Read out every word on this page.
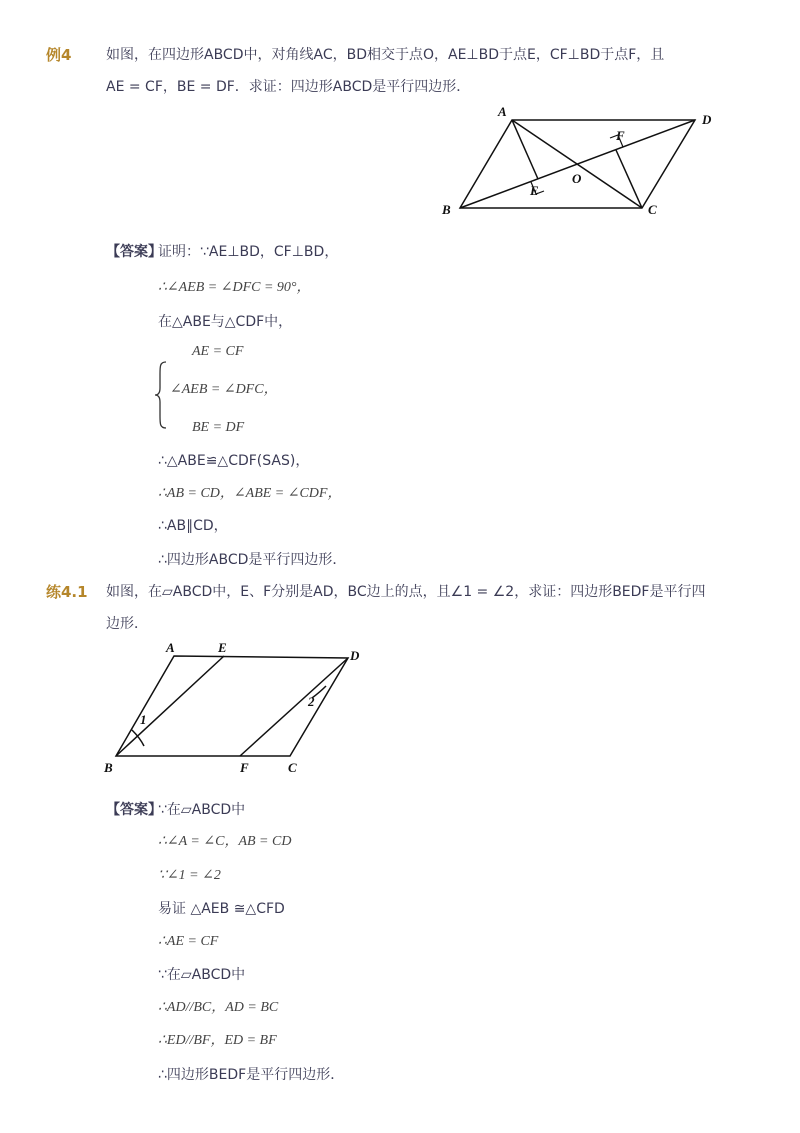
例4 如图，在四边形ABCD中，对角线AC，BD相交于点O，AE⊥BD于点E，CF⊥BD于点F，且
AE = CF，BE = DF．求证：四边形ABCD是平行四边形．
A
D
B	C
E
F
O
【答案】
证明：∵AE⊥BD，CF⊥BD，
∴∠AEB = ∠DFC = 90°，
在△ABE与△CDF中，
AE = CF
∠AEB = ∠DFC，
BE = DF
∴△ABE≌△CDF(SAS)，
∴AB = CD，∠ABE = ∠CDF，
∴AB∥CD，
∴四边形ABCD是平行四边形．
练4.1 如图，在▱ABCD中，E、F分别是AD，BC边上的点，且∠1 = ∠2，求证：四边形BEDF是平行四
边形．
A	E
D
B	F	C
1
2
【答案】
∵在▱ABCD中
∴∠A = ∠C，AB = CD
∵∠1 = ∠2
易证 △AEB ≅△CFD
∴AE = CF
∵在▱ABCD中
∴AD//BC，AD = BC
∴ED//BF，ED = BF
∴四边形BEDF是平行四边形．
